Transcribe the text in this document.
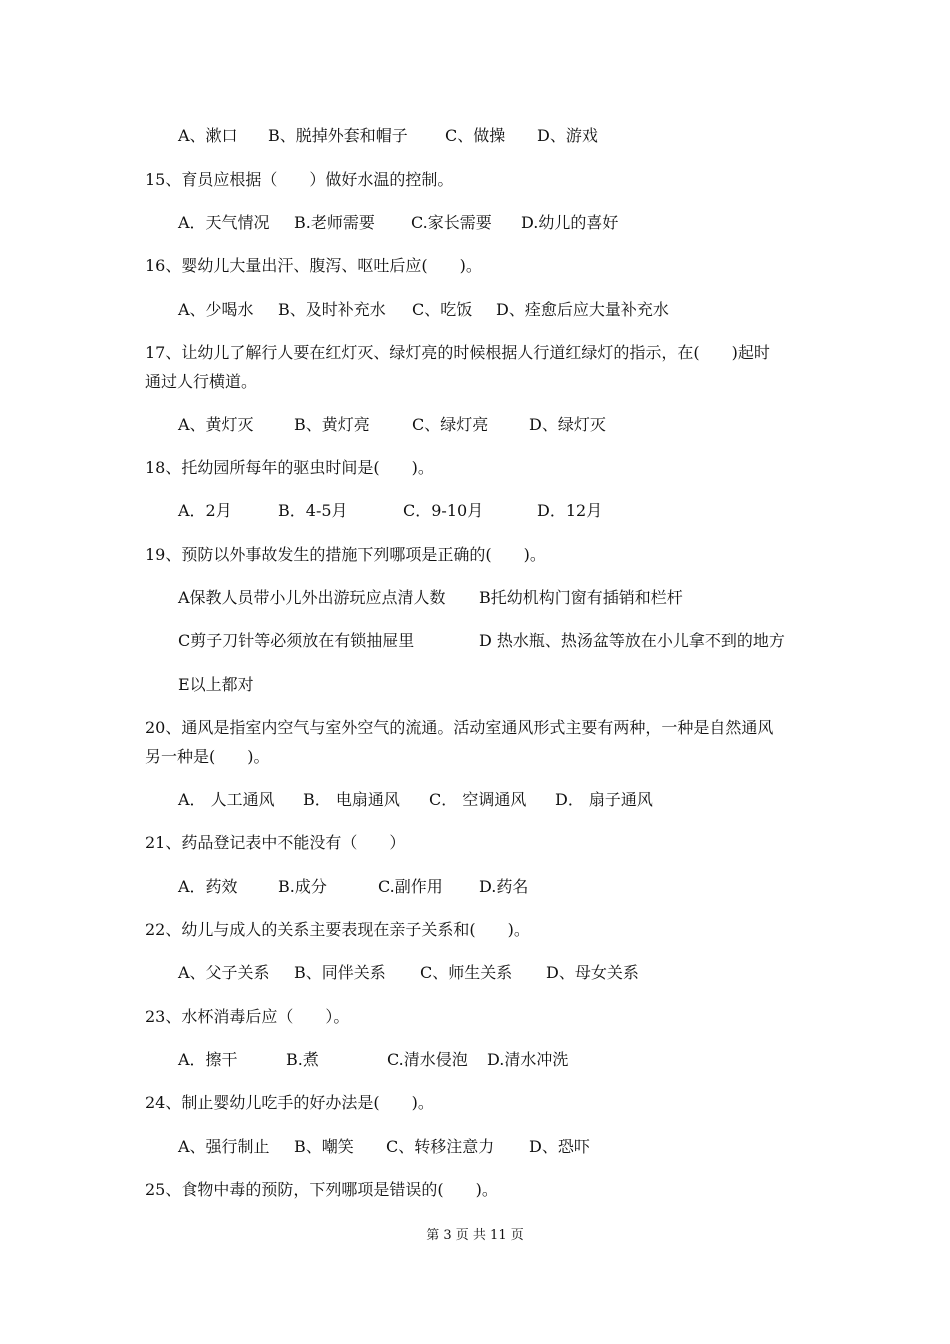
A、漱口 B、脱掉外套和帽子 C、做操 D、游戏
15、育员应根据（　　）做好水温的控制。
A．天气情况 B.老师需要 C.家长需要 D.幼儿的喜好
16、婴幼儿大量出汗、腹泻、呕吐后应(　　)。
A、少喝水 B、及时补充水 C、吃饭 D、痊愈后应大量补充水
17、让幼儿了解行人要在红灯灭、绿灯亮的时候根据人行道红绿灯的指示，在(　　)起时
通过人行横道。
A、黄灯灭	B、黄灯亮	C、绿灯亮	D、绿灯灭
18、托幼园所每年的驱虫时间是(　　)。
A．2月	B．4-5月	C．9-10月	D．12月
19、预防以外事故发生的措施下列哪项是正确的(　　)。
A保教人员带小儿外出游玩应点清人数 B托幼机构门窗有插销和栏杆
C剪子刀针等必须放在有锁抽屉里	D 热水瓶、热汤盆等放在小儿拿不到的地方
E以上都对
20、通风是指室内空气与室外空气的流通。活动室通风形式主要有两种，一种是自然通风
另一种是(　　)。
A． 人工通风 B． 电扇通风 C． 空调通风 D． 扇子通风
21、药品登记表中不能没有（　　）
A．药效	B.成分	C.副作用 D.药名
22、幼儿与成人的关系主要表现在亲子关系和(　　)。
A、父子关系 B、同伴关系 C、师生关系 D、母女关系
23、水杯消毒后应（　　）。
A．擦干	B.煮	C.清水侵泡 D.清水冲洗
24、制止婴幼儿吃手的好办法是(　　)。
A、强行制止 B、嘲笑 C、转移注意力 D、恐吓
25、食物中毒的预防，下列哪项是错误的(　　)。
第 3 页 共 11 页
